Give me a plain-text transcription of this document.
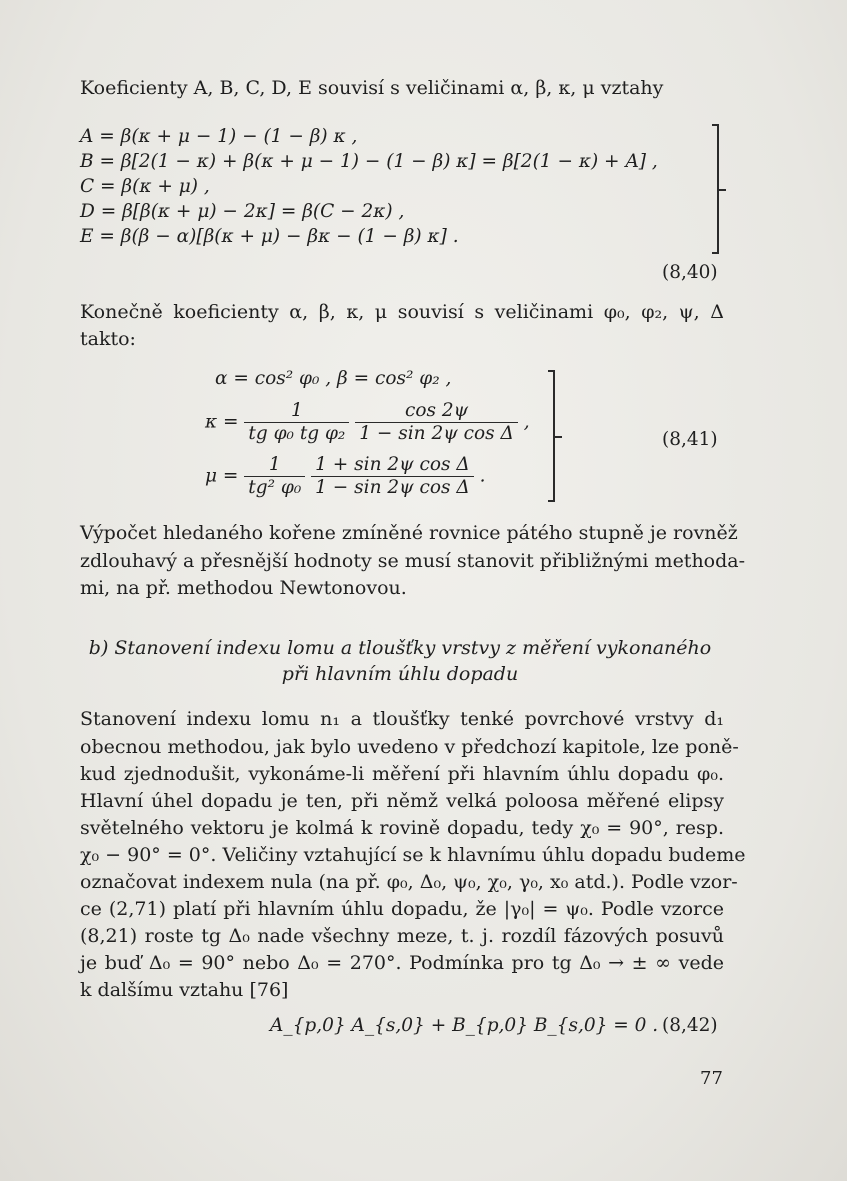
Koeficienty A, B, C, D, E souvisí s veličinami α, β, κ, μ vztahy
A = β(κ + μ − 1) − (1 − β) κ ,
B = β[2(1 − κ) + β(κ + μ − 1) − (1 − β) κ] = β[2(1 − κ) + A] ,
C = β(κ + μ) ,
D = β[β(κ + μ) − 2κ] = β(C − 2κ) ,
E = β(β − α)[β(κ + μ) − βκ − (1 − β) κ] .
(8,40)
Konečně koeficienty α, β, κ, μ souvisí s veličinami φ₀, φ₂, ψ, Δ
takto:
α = cos² φ₀ , β = cos² φ₂ ,
$\kappa = \frac{1}{\text{tg φ₀ tg φ₂}}$
$\frac{\cos 2\psi}{\text{1 − sin 2ψ cos Δ}}$ ,
$\mu = \frac{1}{\text{tg² φ₀}}$
$\frac{\text{1 + sin 2ψ cos Δ}}{\text{1 − sin 2ψ cos Δ}}$ .
(8,41)
Výpočet hledaného kořene zmíněné rovnice pátého stupně je rovněž
zdlouhavý a přesnější hodnoty se musí stanovit přibližnými methoda-
mi, na př. methodou Newtonovou.
b) Stanovení indexu lomu a tloušťky vrstvy z měření vykonaného
při hlavním úhlu dopadu
Stanovení indexu lomu n₁ a tloušťky tenké povrchové vrstvy d₁
obecnou methodou, jak bylo uvedeno v předchozí kapitole, lze poně-
kud zjednodušit, vykonáme-li měření při hlavním úhlu dopadu φ₀.
Hlavní úhel dopadu je ten, při němž velká poloosa měřené elipsy
světelného vektoru je kolmá k rovině dopadu, tedy χ₀ = 90°, resp.
χ₀ − 90° = 0°. Veličiny vztahující se k hlavnímu úhlu dopadu budeme
označovat indexem nula (na př. φ₀, Δ₀, ψ₀, χ₀, γ₀, x₀ atd.). Podle vzor-
ce (2,71) platí při hlavním úhlu dopadu, že |γ₀| = ψ₀. Podle vzorce
(8,21) roste tg Δ₀ nade všechny meze, t. j. rozdíl fázových posuvů
je buď Δ₀ = 90° nebo Δ₀ = 270°. Podmínka pro tg Δ₀ → ± ∞ vede
k dalšímu vztahu [76]
A_{p,0} A_{s,0} + B_{p,0} B_{s,0} = 0 . (8,42)
77
